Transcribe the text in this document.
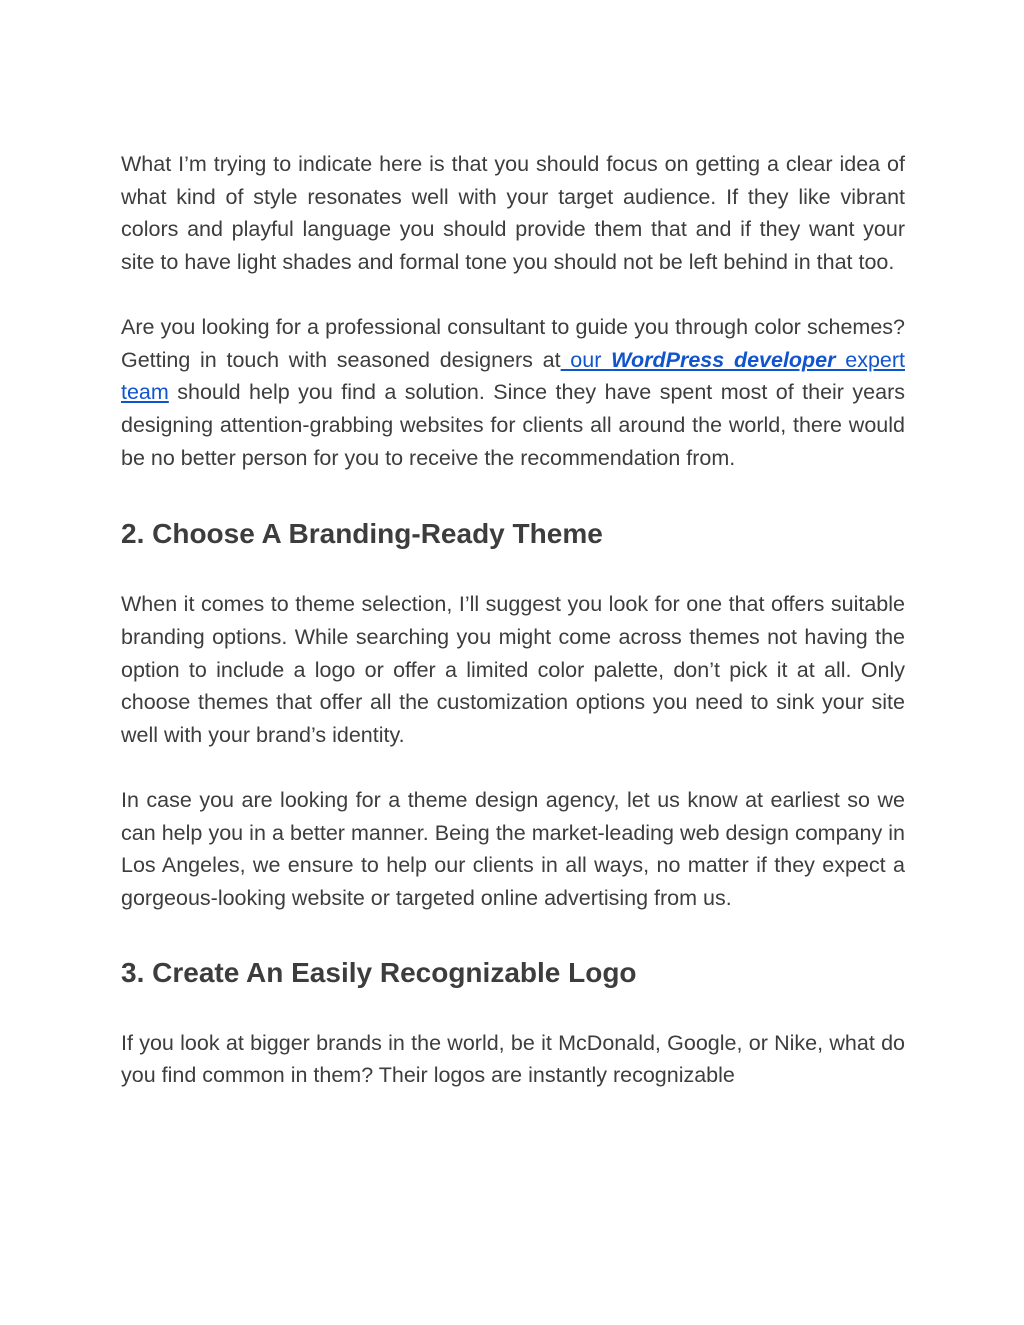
What I’m trying to indicate here is that you should focus on getting a clear idea of what kind of style resonates well with your target audience. If they like vibrant colors and playful language you should provide them that and if they want your site to have light shades and formal tone you should not be left behind in that too.

Are you looking for a professional consultant to guide you through color schemes? Getting in touch with seasoned designers at our WordPress developer expert team should help you find a solution. Since they have spent most of their years designing attention-grabbing websites for clients all around the world, there would be no better person for you to receive the recommendation from.

2. Choose A Branding-Ready Theme

When it comes to theme selection, I’ll suggest you look for one that offers suitable branding options. While searching you might come across themes not having the option to include a logo or offer a limited color palette, don’t pick it at all. Only choose themes that offer all the customization options you need to sink your site well with your brand’s identity.

In case you are looking for a theme design agency, let us know at earliest so we can help you in a better manner. Being the market-leading web design company in Los Angeles, we ensure to help our clients in all ways, no matter if they expect a gorgeous-looking website or targeted online advertising from us.

3. Create An Easily Recognizable Logo

If you look at bigger brands in the world, be it McDonald, Google, or Nike, what do you find common in them? Their logos are instantly recognizable
